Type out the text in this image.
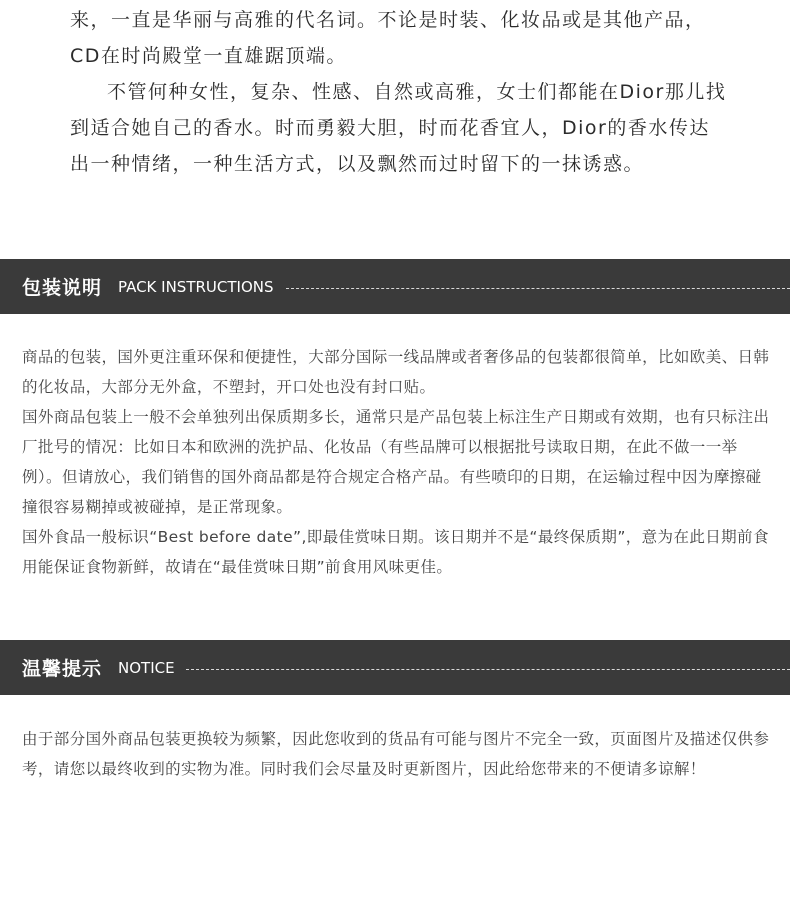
来，一直是华丽与高雅的代名词。不论是时装、化妆品或是其他产品，CD在时尚殿堂一直雄踞顶端。

不管何种女性，复杂、性感、自然或高雅，女士们都能在Dior那儿找到适合她自己的香水。时而勇毅大胆，时而花香宜人，Dior的香水传达出一种情绪，一种生活方式，以及飘然而过时留下的一抹诱惑。

包装说明 PACK INSTRUCTIONS

商品的包装，国外更注重环保和便捷性，大部分国际一线品牌或者奢侈品的包装都很简单，比如欧美、日韩的化妆品，大部分无外盒，不塑封，开口处也没有封口贴。

国外商品包装上一般不会单独列出保质期多长，通常只是产品包装上标注生产日期或有效期，也有只标注出厂批号的情况：比如日本和欧洲的洗护品、化妆品（有些品牌可以根据批号读取日期，在此不做一一举例）。但请放心，我们销售的国外商品都是符合规定合格产品。有些喷印的日期，在运输过程中因为摩擦碰撞很容易糊掉或被碰掉，是正常现象。

国外食品一般标识“Best before date”,即最佳赏味日期。该日期并不是“最终保质期”，意为在此日期前食用能保证食物新鲜，故请在“最佳赏味日期”前食用风味更佳。

温馨提示 NOTICE

由于部分国外商品包装更换较为频繁，因此您收到的货品有可能与图片不完全一致，页面图片及描述仅供参考，请您以最终收到的实物为准。同时我们会尽量及时更新图片，因此给您带来的不便请多谅解！
